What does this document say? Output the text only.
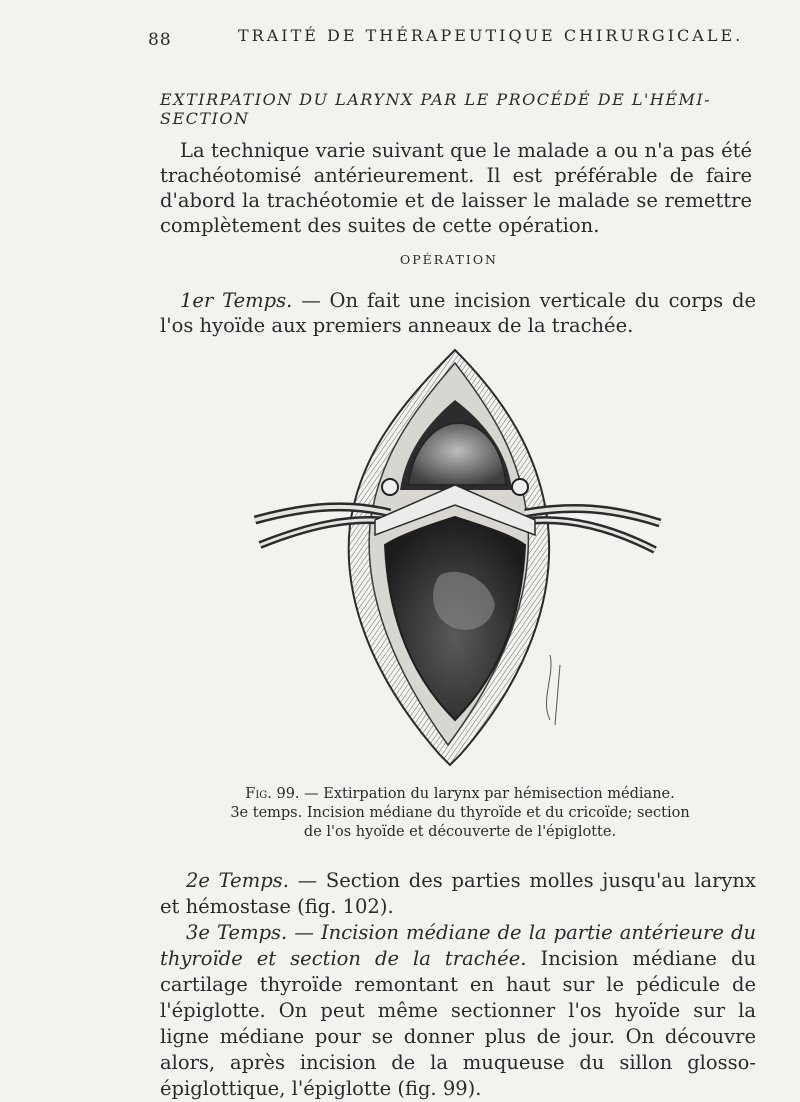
88	TRAITÉ DE THÉRAPEUTIQUE CHIRURGICALE.
EXTIRPATION DU LARYNX PAR LE PROCÉDÉ DE L'HÉMI-SECTION
La technique varie suivant que le malade a ou n'a pas été trachéotomisé antérieurement. Il est préférable de faire d'abord la trachéotomie et de laisser le malade se remettre complètement des suites de cette opération.
OPÉRATION
1er Temps. — On fait une incision verticale du corps de l'os hyoïde aux premiers anneaux de la trachée.
Fig. 99. — Extirpation du larynx par hémisection médiane.
3e temps. Incision médiane du thyroïde et du cricoïde; section
de l'os hyoïde et découverte de l'épiglotte.
2e Temps. — Section des parties molles jusqu'au larynx et hémostase (fig. 102).
3e Temps. — Incision médiane de la partie antérieure du thyroïde et section de la trachée. Incision médiane du cartilage thyroïde remontant en haut sur le pédicule de l'épiglotte. On peut même sectionner l'os hyoïde sur la ligne médiane pour se donner plus de jour. On découvre alors, après incision de la muqueuse du sillon glosso-épiglottique, l'épiglotte (fig. 99).
